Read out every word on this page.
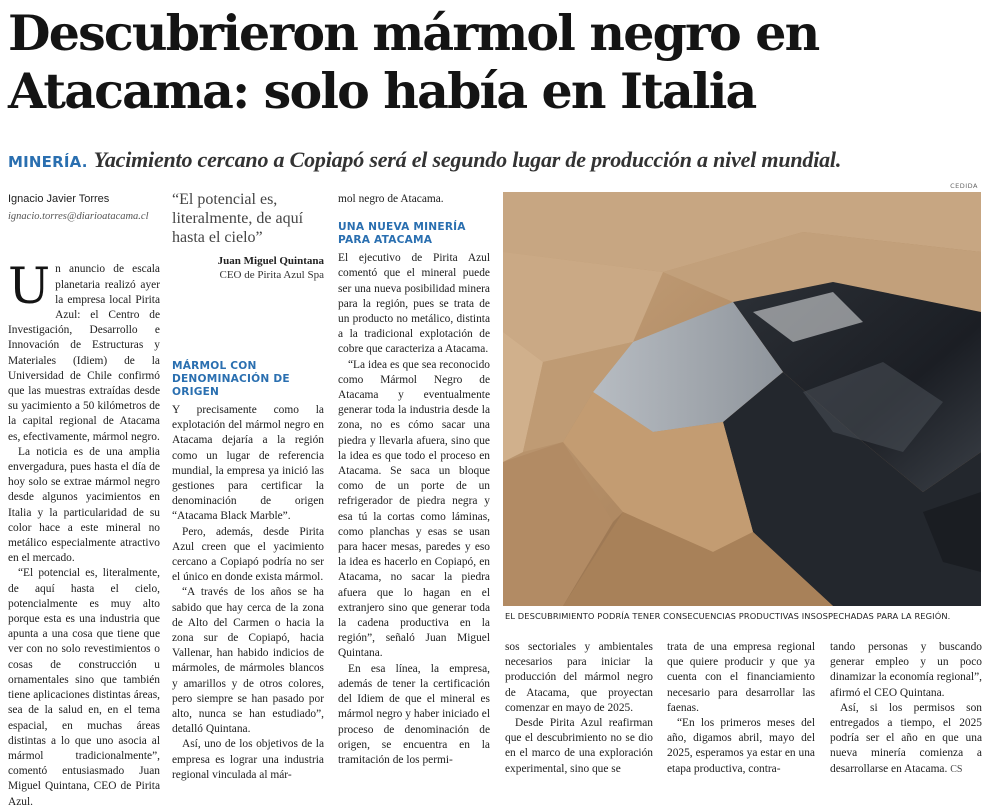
Descubrieron mármol negro en Atacama: solo había en Italia
MINERÍA. Yacimiento cercano a Copiapó será el segundo lugar de producción a nivel mundial.
Ignacio Javier Torres
ignacio.torres@diarioatacama.cl

Un anuncio de escala planetaria realizó ayer la empresa local Pirita Azul: el Centro de Investigación, Desarrollo e Innovación de Estructuras y Materiales (Idiem) de la Universidad de Chile confirmó que las muestras extraídas desde su yacimiento a 50 kilómetros de la capital regional de Atacama es, efectivamente, mármol negro.

La noticia es de una amplia envergadura, pues hasta el día de hoy solo se extrae mármol negro desde algunos yacimientos en Italia y la particularidad de su color hace a este mineral no metálico especialmente atractivo en el mercado.

“El potencial es, literalmente, de aquí hasta el cielo, potencialmente es muy alto porque esta es una industria que apunta a una cosa que tiene que ver con no solo revestimientos o cosas de construcción u ornamentales sino que también tiene aplicaciones distintas áreas, sea de la salud en, en el tema espacial, en muchas áreas distintas a lo que uno asocia al mármol tradicionalmente”, comentó entusiasmado Juan Miguel Quintana, CEO de Pirita Azul.

“El potencial es, literalmente, de aquí hasta el cielo”
Juan Miguel Quintana
CEO de Pirita Azul Spa
MÁRMOL CON DENOMINACIÓN DE ORIGEN

Y precisamente como la explotación del mármol negro en Atacama dejaría a la región como un lugar de referencia mundial, la empresa ya inició las gestiones para certificar la denominación de origen “Atacama Black Marble”.

Pero, además, desde Pirita Azul creen que el yacimiento cercano a Copiapó podría no ser el único en donde exista mármol.

“A través de los años se ha sabido que hay cerca de la zona de Alto del Carmen o hacia la zona sur de Copiapó, hacia Vallenar, han habido indicios de mármoles, de mármoles blancos y amarillos y de otros colores, pero siempre se han pasado por alto, nunca se han estudiado”, detalló Quintana.

Así, uno de los objetivos de la empresa es lograr una industria regional vinculada al már-

mol negro de Atacama.

UNA NUEVA MINERÍA PARA ATACAMA

El ejecutivo de Pirita Azul comentó que el mineral puede ser una nueva posibilidad minera para la región, pues se trata de un producto no metálico, distinta a la tradicional explotación de cobre que caracteriza a Atacama.

“La idea es que sea reconocido como Mármol Negro de Atacama y eventualmente generar toda la industria desde la zona, no es cómo sacar una piedra y llevarla afuera, sino que la idea es que todo el proceso en Atacama. Se saca un bloque como de un porte de un refrigerador de piedra negra y esa tú la cortas como láminas, como planchas y esas se usan para hacer mesas, paredes y eso la idea es hacerlo en Copiapó, en Atacama, no sacar la piedra afuera que lo hagan en el extranjero sino que generar toda la cadena productiva en la región”, señaló Juan Miguel Quintana.

En esa línea, la empresa, además de tener la certificación del Idiem de que el mineral es mármol negro y haber iniciado el proceso de denominación de origen, se encuentra en la tramitación de los permi-

CEDIDA
EL DESCUBRIMIENTO PODRÍA TENER CONSECUENCIAS PRODUCTIVAS INSOSPECHADAS PARA LA REGIÓN.

sos sectoriales y ambientales necesarios para iniciar la producción del mármol negro de Atacama, que proyectan comenzar en mayo de 2025.

Desde Pirita Azul reafirman que el descubrimiento no se dio en el marco de una exploración experimental, sino que se

trata de una empresa regional que quiere producir y que ya cuenta con el financiamiento necesario para desarrollar las faenas.

“En los primeros meses del año, digamos abril, mayo del 2025, esperamos ya estar en una etapa productiva, contra-

tando personas y buscando generar empleo y un poco dinamizar la economía regional”, afirmó el CEO Quintana.

Así, si los permisos son entregados a tiempo, el 2025 podría ser el año en que una nueva minería comienza a desarrollarse en Atacama. CS
